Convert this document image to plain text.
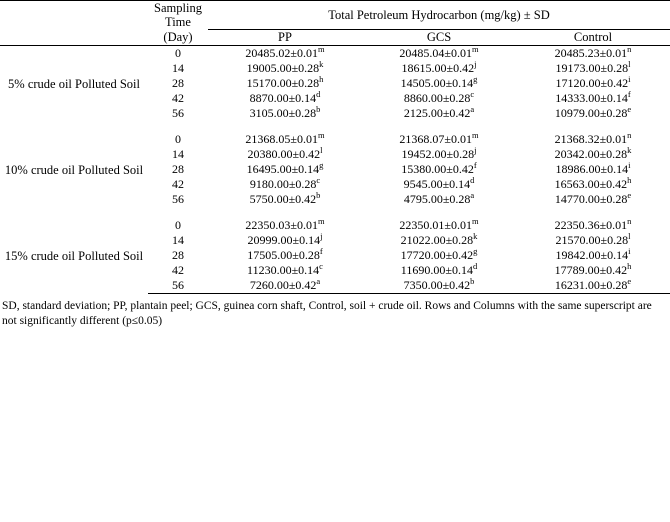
	Sampling Time	Total Petroleum Hydrocarbon (mg/kg) ± SD		
	(Day)	PP	GCS	Control
5% crude oil Polluted Soil	0	$20485.02\pm 0.01^m$	$20485.04\pm 0.01^m$	$20485.23\pm 0.01^n$
	14	$19005.00\pm 0.28^k$	$18615.00\pm 0.42^j$	$19173.00\pm 0.28^l$
	28	15170.00±0.28$^h$	14505.00±0.14$^g$	$17120.00\pm 0.42^i$
	42	8870.00±0.14$^d$	8860.00±0.28$^c$	14333.00±0.14$^f$
	56	3105.00±0.28$^b$	2125.00±0.42$^a$	10979.00±0.28$^e$

10% crude oil Polluted Soil	0	$21368.05\pm 0.01^m$	$21368.07\pm 0.01^m$	$21368.32\pm 0.01^n$
	14	$20380.00\pm 0.42^l$	$19452.00\pm 0.28^j$	$20342.00\pm 0.28^k$
	28	16495.00±0.14$^g$	15380.00±0.42$^f$	$18986.00\pm 0.14^i$
	42	9180.00±0.28$^c$	9545.00±0.14$^d$	16563.00±0.42$^h$
	56	5750.00±0.42$^b$	4795.00±0.28$^a$	14770.00±0.28$^e$

15% crude oil Polluted Soil	0	$22350.03\pm 0.01^m$	$22350.01\pm 0.01^m$	$22350.36\pm 0.01^n$
	14	$20999.00\pm 0.14^j$	$21022.00\pm 0.28^k$	$21570.00\pm 0.28^l$
	28	17505.00±0.28$^f$	17720.00±0.42$^g$	$19842.00\pm 0.14^i$
	42	11230.00±0.14$^c$	11690.00±0.14$^d$	17789.00±0.42$^h$
	56	7260.00±0.42$^a$	7350.00±0.42$^b$	16231.00±0.28$^e$
SD, standard deviation; PP, plantain peel; GCS, guinea corn shaft, Control, soil + crude oil. Rows and Columns with the same superscript are not significantly different (p≤0.05)
